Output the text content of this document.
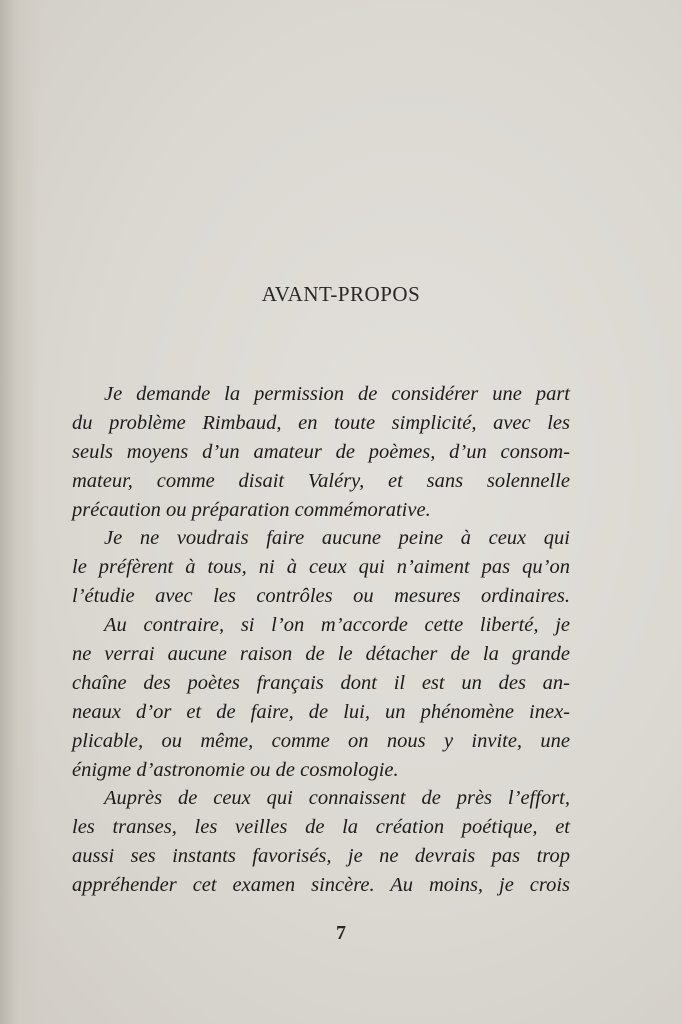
AVANT-PROPOS
Je demande la permission de considérer une part
du problème Rimbaud, en toute simplicité, avec les
seuls moyens d’un amateur de poèmes, d’un consom-
mateur, comme disait Valéry, et sans solennelle
précaution ou préparation commémorative.
Je ne voudrais faire aucune peine à ceux qui
le préfèrent à tous, ni à ceux qui n’aiment pas qu’on
l’étudie avec les contrôles ou mesures ordinaires.
Au contraire, si l’on m’accorde cette liberté, je
ne verrai aucune raison de le détacher de la grande
chaîne des poètes français dont il est un des an-
neaux d’or et de faire, de lui, un phénomène inex-
plicable, ou même, comme on nous y invite, une
énigme d’astronomie ou de cosmologie.
Auprès de ceux qui connaissent de près l’effort,
les transes, les veilles de la création poétique, et
aussi ses instants favorisés, je ne devrais pas trop
appréhender cet examen sincère. Au moins, je crois
7
